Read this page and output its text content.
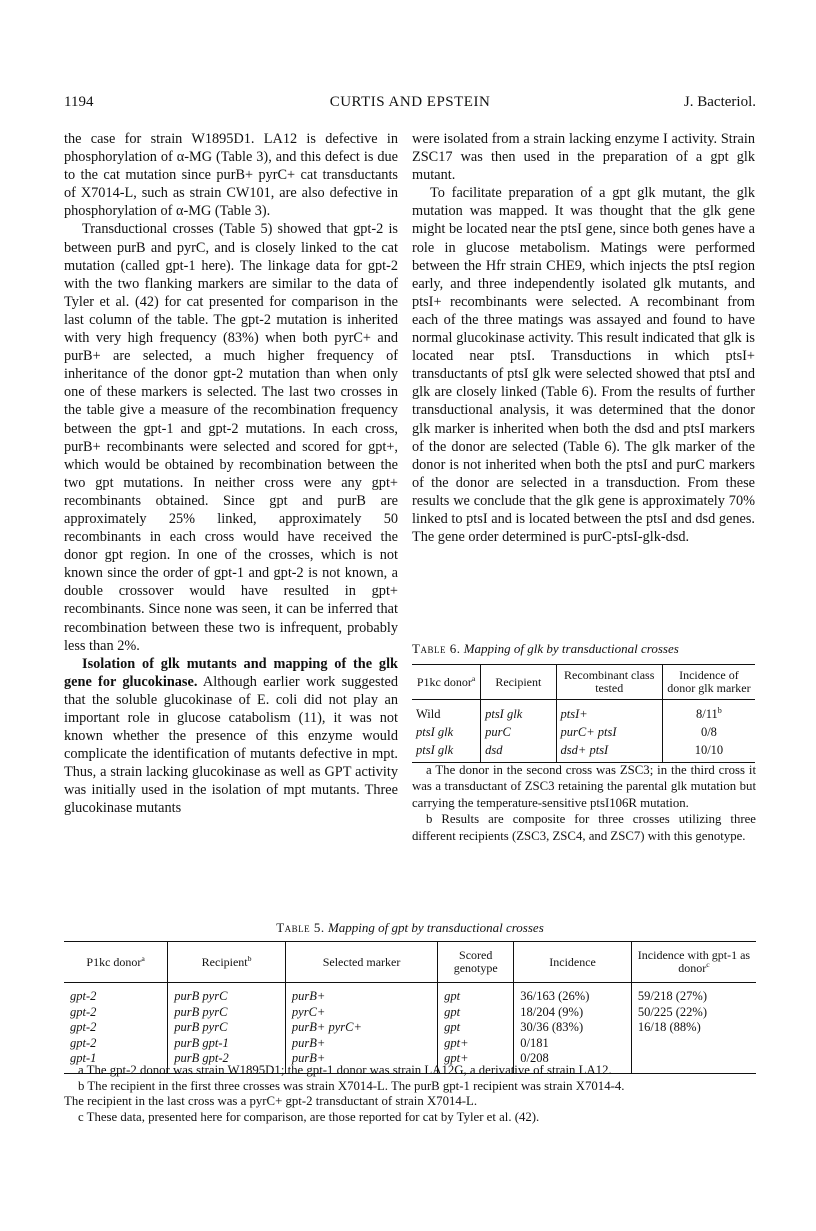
1194	CURTIS AND EPSTEIN	J. Bacteriol.

the case for strain W1895D1. LA12 is defective in phosphorylation of α-MG (Table 3), and this defect is due to the cat mutation since purB+ pyrC+ cat transductants of X7014-L, such as strain CW101, are also defective in phosphorylation of α-MG (Table 3).

Transductional crosses (Table 5) showed that gpt-2 is between purB and pyrC, and is closely linked to the cat mutation (called gpt-1 here). The linkage data for gpt-2 with the two flanking markers are similar to the data of Tyler et al. (42) for cat presented for comparison in the last column of the table. The gpt-2 mutation is inherited with very high frequency (83%) when both pyrC+ and purB+ are selected, a much higher frequency of inheritance of the donor gpt-2 mutation than when only one of these markers is selected. The last two crosses in the table give a measure of the recombination frequency between the gpt-1 and gpt-2 mutations. In each cross, purB+ recombinants were selected and scored for gpt+, which would be obtained by recombination between the two gpt mutations. In neither cross were any gpt+ recombinants obtained. Since gpt and purB are approximately 25% linked, approximately 50 recombinants in each cross would have received the donor gpt region. In one of the crosses, which is not known since the order of gpt-1 and gpt-2 is not known, a double crossover would have resulted in gpt+ recombinants. Since none was seen, it can be inferred that recombination between these two is infrequent, probably less than 2%.

Isolation of glk mutants and mapping of the glk gene for glucokinase. Although earlier work suggested that the soluble glucokinase of E. coli did not play an important role in glucose catabolism (11), it was not known whether the presence of this enzyme would complicate the identification of mutants defective in mpt. Thus, a strain lacking glucokinase as well as GPT activity was initially used in the isolation of mpt mutants. Three glucokinase mutants

were isolated from a strain lacking enzyme I activity. Strain ZSC17 was then used in the preparation of a gpt glk mutant.

To facilitate preparation of a gpt glk mutant, the glk mutation was mapped. It was thought that the glk gene might be located near the ptsI gene, since both genes have a role in glucose metabolism. Matings were performed between the Hfr strain CHE9, which injects the ptsI region early, and three independently isolated glk mutants, and ptsI+ recombinants were selected. A recombinant from each of the three matings was assayed and found to have normal glucokinase activity. This result indicated that glk is located near ptsI. Transductions in which ptsI+ transductants of ptsI glk were selected showed that ptsI and glk are closely linked (Table 6). From the results of further transductional analysis, it was determined that the donor glk marker is inherited when both the dsd and ptsI markers of the donor are selected (Table 6). The glk marker of the donor is not inherited when both the ptsI and purC markers of the donor are selected in a transduction. From these results we conclude that the glk gene is approximately 70% linked to ptsI and is located between the ptsI and dsd genes. The gene order determined is purC-ptsI-glk-dsd.

Table 6. Mapping of glk by transductional crosses
P1kc donor$^a$	Recipient	Recombinant class tested	Incidence of donor glk marker
Wild	ptsI glk	ptsI+	$8/11^b$
ptsI glk	purC	purC+ ptsI	0/8
ptsI glk	dsd	dsd+ ptsI	10/10

a The donor in the second cross was ZSC3; in the third cross it was a transductant of ZSC3 retaining the parental glk mutation but carrying the temperature-sensitive ptsI106R mutation.

b Results are composite for three crosses utilizing three different recipients (ZSC3, ZSC4, and ZSC7) with this genotype.

Table 5. Mapping of gpt by transductional crosses
P1kc donor$^a$	Recipient$^b$	Selected marker	Scored genotype	Incidence	Incidence with gpt-1 as donor$^c$
gpt-2	purB pyrC	purB+	gpt	36/163 (26%)	59/218 (27%)
gpt-2	purB pyrC	pyrC+	gpt	18/204 (9%)	50/225 (22%)
gpt-2	purB pyrC	purB+ pyrC+	gpt	30/36 (83%)	16/18 (88%)
gpt-2	purB gpt-1	purB+	gpt+	0/181	
gpt-1	purB gpt-2	purB+	gpt+	0/208	

a The gpt-2 donor was strain W1895D1; the gpt-1 donor was strain LA12G, a derivative of strain LA12.

b The recipient in the first three crosses was strain X7014-L. The purB gpt-1 recipient was strain X7014-4.

The recipient in the last cross was a pyrC+ gpt-2 transductant of strain X7014-L.

c These data, presented here for comparison, are those reported for cat by Tyler et al. (42).
